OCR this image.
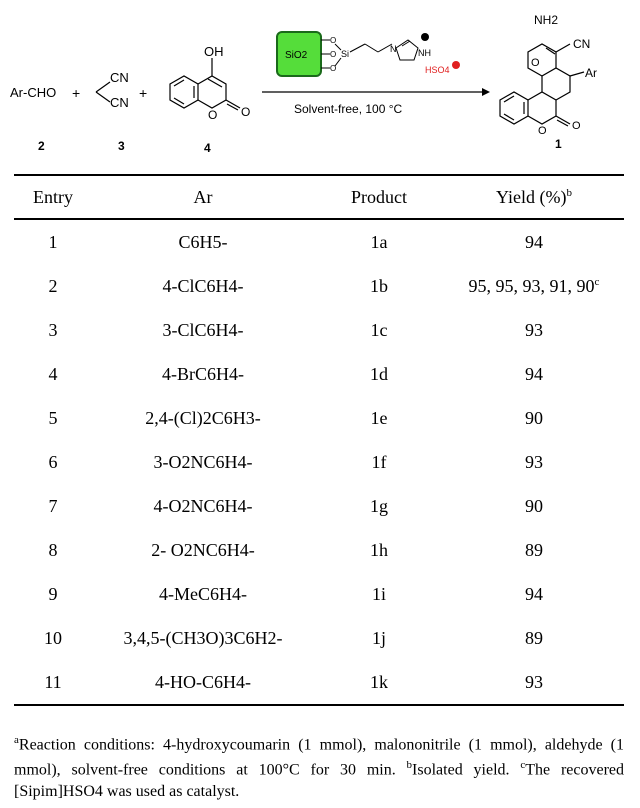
Ar-CHO +
CN
CN
+
OH
O O
SiO2
O
O
O
Si	N NH
HSO4
Solvent-free, 100 °C
NH2
CN
Ar
O
O O
2	3	4	1
Entry	Ar	Product	Yield (%)$^b$
1	C6H5-	1a	94
2	4-ClC6H4-	1b	95, 95, 93, 91, 90$^c$
3	3-ClC6H4-	1c	93
4	4-BrC6H4-	1d	94
5	2,4-(Cl)2C6H3-	1e	90
6	3-O2NC6H4-	1f	93
7	4-O2NC6H4-	1g	90
8	2- O2NC6H4-	1h	89
9	4-MeC6H4-	1i	94
10	3,4,5-(CH3O)3C6H2-	1j	89
11	4-HO-C6H4-	1k	93
$^a$Reaction conditions: 4-hydroxycoumarin (1 mmol), malononitrile (1 mmol), aldehyde (1 mmol), solvent-free conditions at 100°C for 30 min. $^b$Isolated yield. $^c$The recovered [Sipim]HSO4 was used as catalyst.
